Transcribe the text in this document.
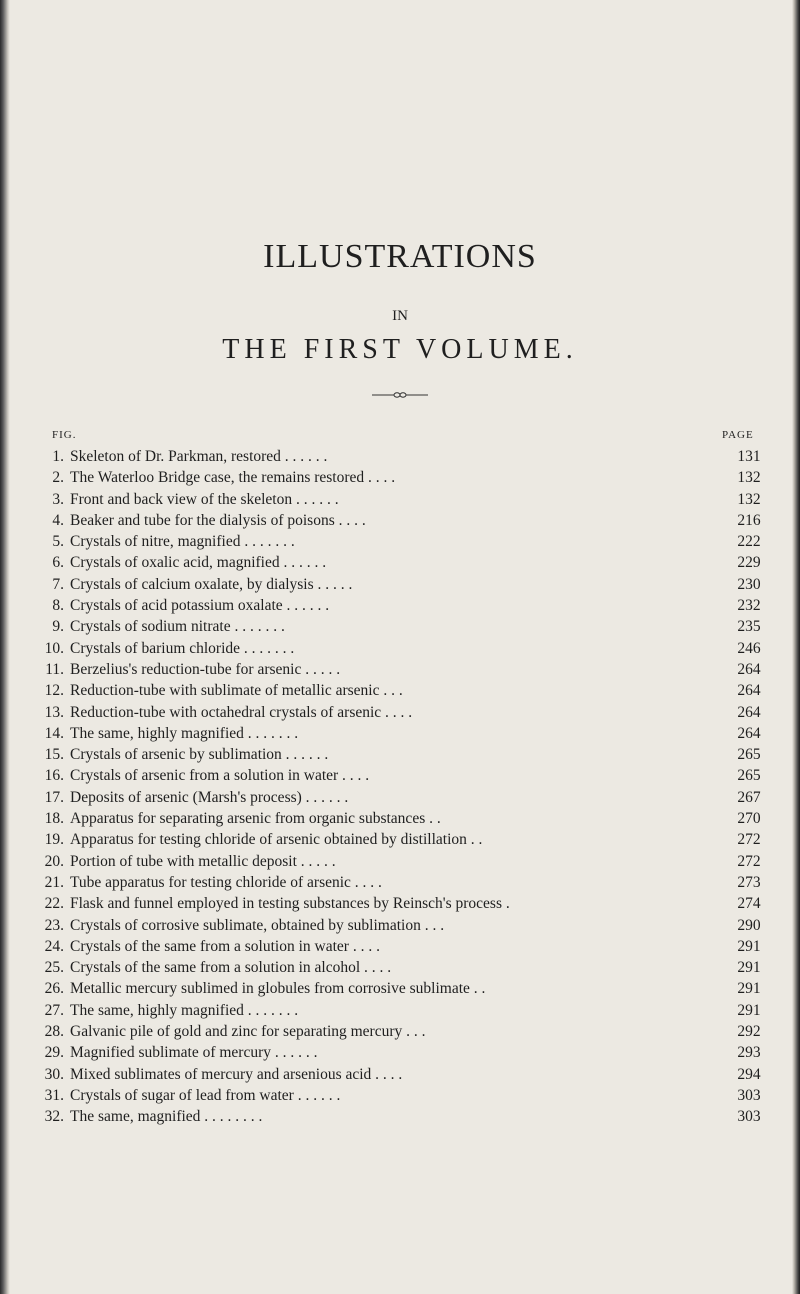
ILLUSTRATIONS
IN
THE FIRST VOLUME.
FIG.	PAGE
1. Skeleton of Dr. Parkman, restored . . . . . .	131
2. The Waterloo Bridge case, the remains restored . . . .	132
3. Front and back view of the skeleton . . . . . .	132
4. Beaker and tube for the dialysis of poisons . . . .	216
5. Crystals of nitre, magnified . . . . . . .	222
6. Crystals of oxalic acid, magnified . . . . . .	229
7. Crystals of calcium oxalate, by dialysis . . . . .	230
8. Crystals of acid potassium oxalate . . . . . .	232
9. Crystals of sodium nitrate . . . . . . .	235
10. Crystals of barium chloride . . . . . . .	246
11. Berzelius's reduction-tube for arsenic . . . . .	264
12. Reduction-tube with sublimate of metallic arsenic . . .	264
13. Reduction-tube with octahedral crystals of arsenic . . . .	264
14. The same, highly magnified . . . . . . .	264
15. Crystals of arsenic by sublimation . . . . . .	265
16. Crystals of arsenic from a solution in water . . . .	265
17. Deposits of arsenic (Marsh's process) . . . . . .	267
18. Apparatus for separating arsenic from organic substances . .	270
19. Apparatus for testing chloride of arsenic obtained by distillation . .	272
20. Portion of tube with metallic deposit . . . . .	272
21. Tube apparatus for testing chloride of arsenic . . . .	273
22. Flask and funnel employed in testing substances by Reinsch's process .	274
23. Crystals of corrosive sublimate, obtained by sublimation . . .	290
24. Crystals of the same from a solution in water . . . .	291
25. Crystals of the same from a solution in alcohol . . . .	291
26. Metallic mercury sublimed in globules from corrosive sublimate . .	291
27. The same, highly magnified . . . . . . .	291
28. Galvanic pile of gold and zinc for separating mercury . . .	292
29. Magnified sublimate of mercury . . . . . .	293
30. Mixed sublimates of mercury and arsenious acid . . . .	294
31. Crystals of sugar of lead from water . . . . . .	303
32. The same, magnified . . . . . . . .	303
